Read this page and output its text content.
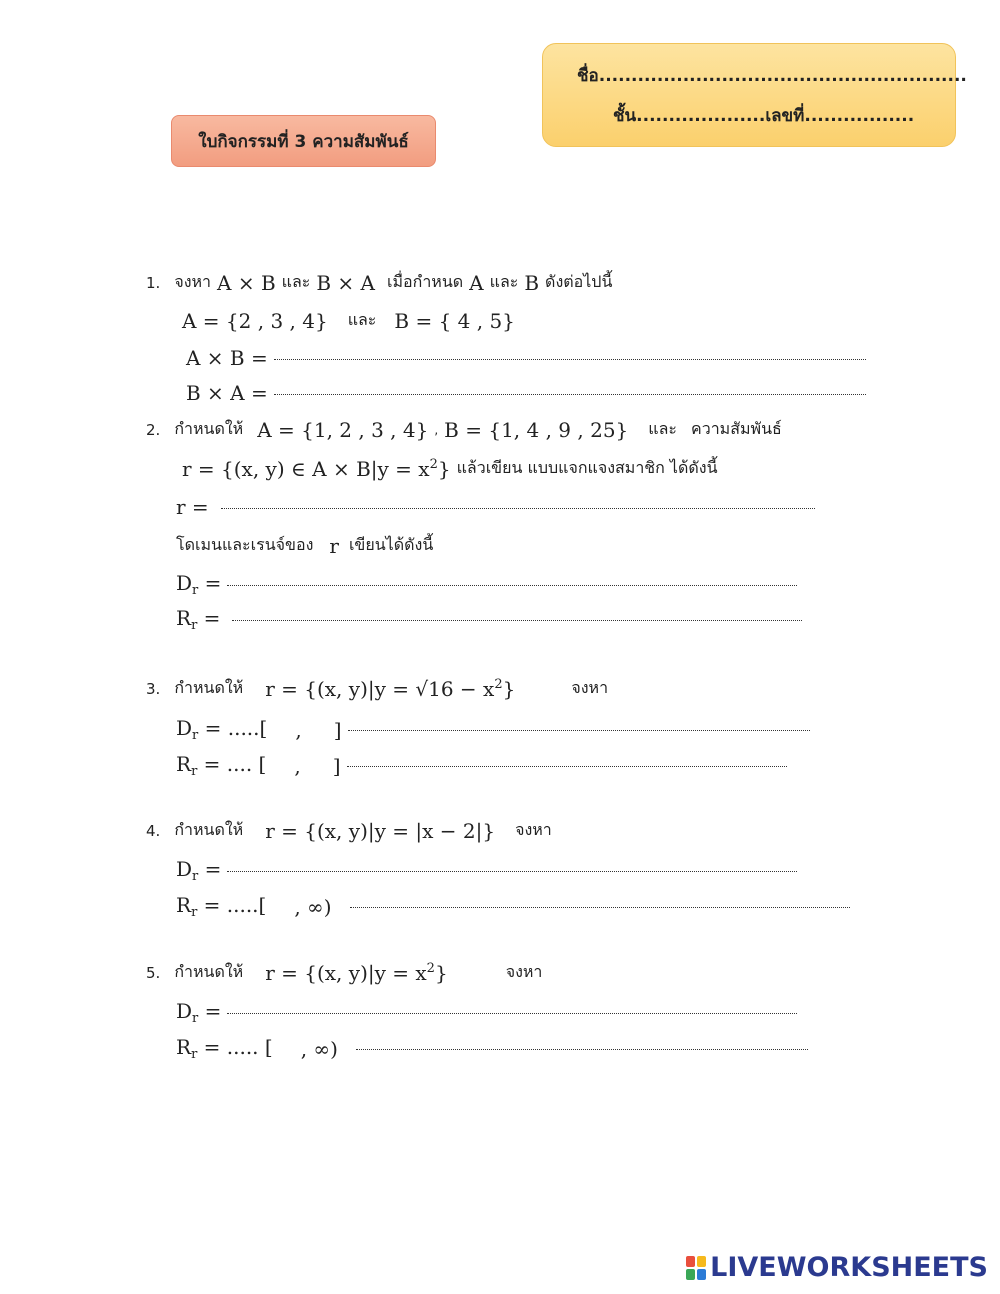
ชื่อ.........................................................
ชั้น....................เลขที่.................
ใบกิจกรรมที่ 3 ความสัมพันธ์
1. จงหา A × B และ B × A เมื่อกำหนด A และ B ดังต่อไปนี้
A = {2 , 3 , 4} และ B = { 4 , 5}
A × B =
B × A =
2. กำหนดให้ A = {1, 2 , 3 , 4} , B = {1, 4 , 9 , 25} และ ความสัมพันธ์
r = {(x, y) ∈ $A \times B|y = x^2$} แล้วเขียน แบบแจกแจงสมาชิก ได้ดังนี้
r =
โดเมนและเรนจ์ของ r เขียนได้ดังนี้
$D_r$ =
$R_r$ =
3. กำหนดให้ r = {(x, $y)|y = √16 - x^2$}	จงหา
$D_r$ = .....[ , ]
$R_r$ = .... [ , ]
4. กำหนดให้ r = {(x, y)|y = |x − 2|} จงหา
$D_r$ =
$R_r$ = .....[ , ∞)
5. กำหนดให้ r = {(x, $y)|y = x^2$}	จงหา
$D_r$ =
$R_r$ = ..... [ , ∞)
LIVEWORKSHEETS
